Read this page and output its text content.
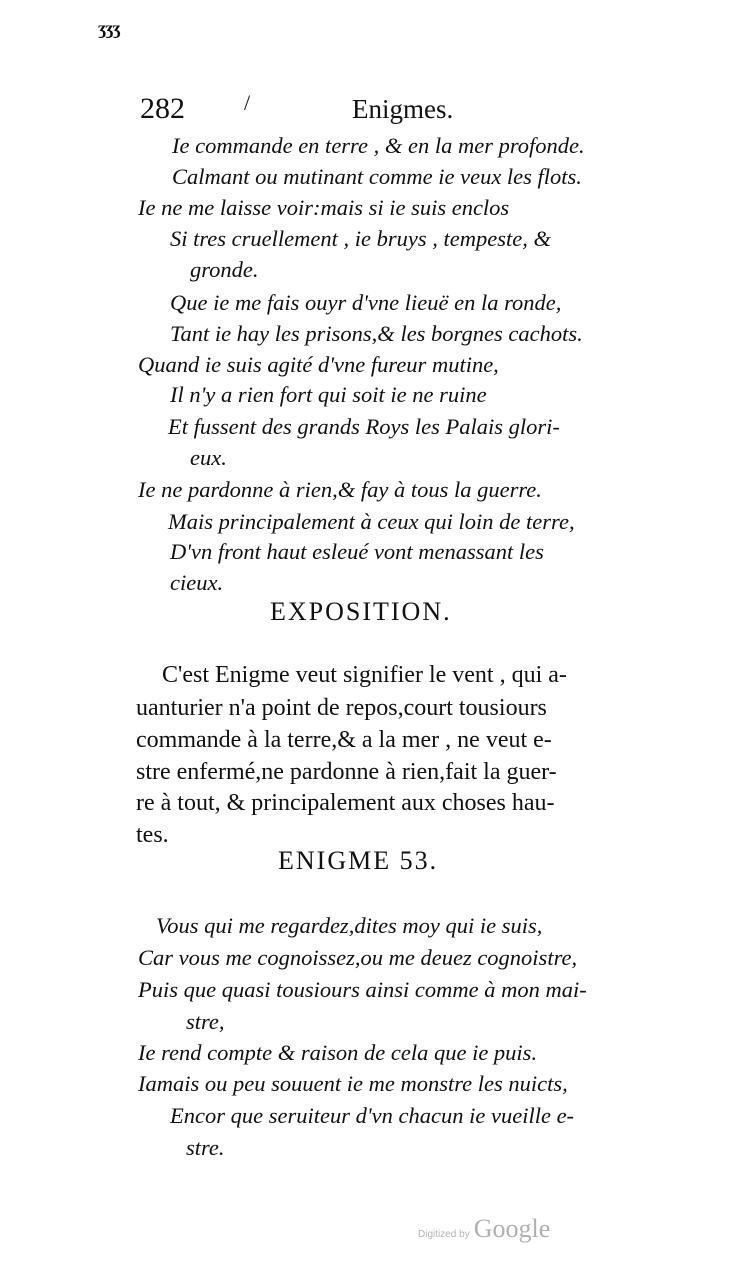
ʒʒʒ
282	/	Enigmes.
Ie commande en terre , & en la mer profonde.
Calmant ou mutinant comme ie veux les flots.
Ie ne me laisse voir:mais si ie suis enclos
Si tres cruellement , ie bruys , tempeste, &
gronde.
Que ie me fais ouyr d'vne lieuë en la ronde,
Tant ie hay les prisons,& les borgnes cachots.
Quand ie suis agité d'vne fureur mutine,
Il n'y a rien fort qui soit ie ne ruine
Et fussent des grands Roys les Palais glori-
eux.
Ie ne pardonne à rien,& fay à tous la guerre.
Mais principalement à ceux qui loin de terre,
D'vn front haut esleué vont menassant les
cieux.
EXPOSITION.
C'est Enigme veut signifier le vent , qui a-
uanturier n'a point de repos,court tousiours
commande à la terre,& a la mer , ne veut e-
stre enfermé,ne pardonne à rien,fait la guer-
re à tout, & principalement aux choses hau-
tes.
ENIGME 53.
Vous qui me regardez,dites moy qui ie suis,
Car vous me cognoissez,ou me deuez cognoistre,
Puis que quasi tousiours ainsi comme à mon mai-
stre,
Ie rend compte & raison de cela que ie puis.
Iamais ou peu souuent ie me monstre les nuicts,
Encor que seruiteur d'vn chacun ie vueille e-
stre.
Digitized by Google
